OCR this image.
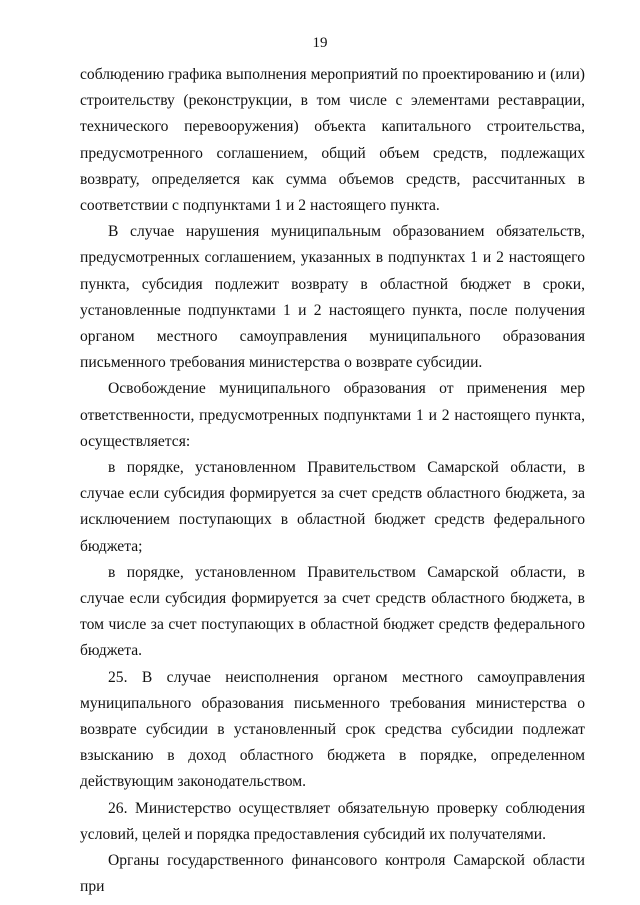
19

соблюдению графика выполнения мероприятий по проектированию и (или) строительству (реконструкции, в том числе с элементами реставрации, технического перевооружения) объекта капитального строительства, предусмотренного соглашением, общий объем средств, подлежащих возврату, определяется как сумма объемов средств, рассчитанных в соответствии с подпунктами 1 и 2 настоящего пункта.

В случае нарушения муниципальным образованием обязательств, предусмотренных соглашением, указанных в подпунктах 1 и 2 настоящего пункта, субсидия подлежит возврату в областной бюджет в сроки, установленные подпунктами 1 и 2 настоящего пункта, после получения органом местного самоуправления муниципального образования письменного требования министерства о возврате субсидии.

Освобождение муниципального образования от применения мер ответственности, предусмотренных подпунктами 1 и 2 настоящего пункта, осуществляется:

в порядке, установленном Правительством Самарской области, в случае если субсидия формируется за счет средств областного бюджета, за исключением поступающих в областной бюджет средств федерального бюджета;

в порядке, установленном Правительством Самарской области, в случае если субсидия формируется за счет средств областного бюджета, в том числе за счет поступающих в областной бюджет средств федерального бюджета.

25. В случае неисполнения органом местного самоуправления муниципального образования письменного требования министерства о возврате субсидии в установленный срок средства субсидии подлежат взысканию в доход областного бюджета в порядке, определенном действующим законодательством.

26. Министерство осуществляет обязательную проверку соблюдения условий, целей и порядка предоставления субсидий их получателями.

Органы государственного финансового контроля Самарской области при
